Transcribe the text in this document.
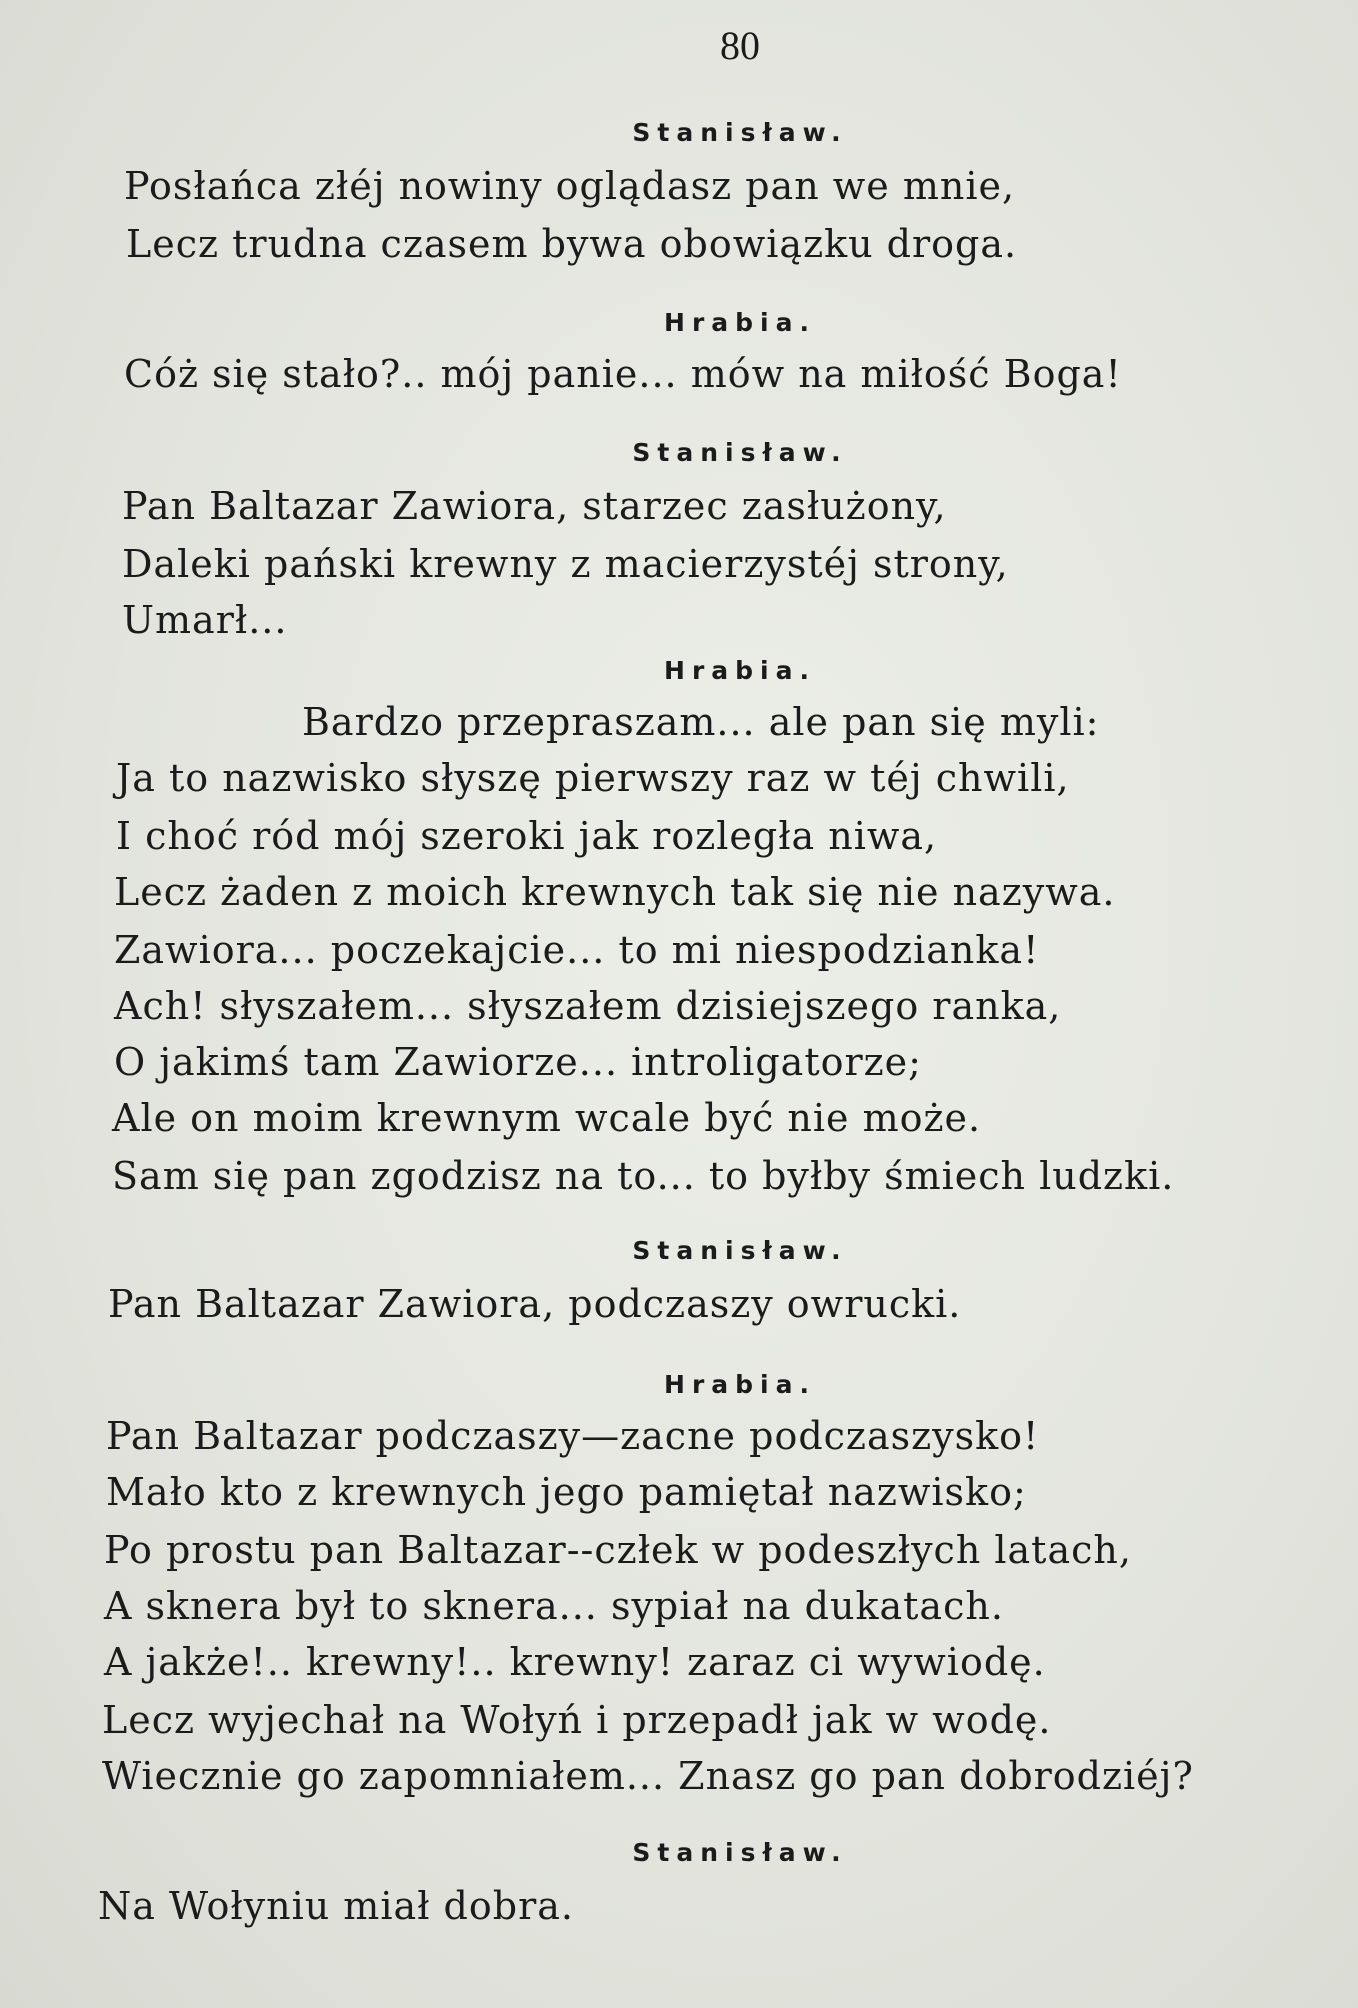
80
Stanisław.
Posłańca złéj nowiny oglądasz pan we mnie,
Lecz trudna czasem bywa obowiązku droga.
Hrabia.
Cóż się stało?.. mój panie... mów na miłość Boga!
Stanisław.
Pan Baltazar Zawiora, starzec zasłużony,
Daleki pański krewny z macierzystéj strony,
Umarł...
Hrabia.
Bardzo przepraszam... ale pan się myli:
Ja to nazwisko słyszę pierwszy raz w téj chwili,
I choć ród mój szeroki jak rozległa niwa,
Lecz żaden z moich krewnych tak się nie nazywa.
Zawiora... poczekajcie... to mi niespodzianka!
Ach! słyszałem... słyszałem dzisiejszego ranka,
O jakimś tam Zawiorze... introligatorze;
Ale on moim krewnym wcale być nie może.
Sam się pan zgodzisz na to... to byłby śmiech ludzki.
Stanisław.
Pan Baltazar Zawiora, podczaszy owrucki.
Hrabia.
Pan Baltazar podczaszy—zacne podczaszysko!
Mało kto z krewnych jego pamiętał nazwisko;
Po prostu pan Baltazar--człek w podeszłych latach,
A sknera był to sknera... sypiał na dukatach.
A jakże!.. krewny!.. krewny! zaraz ci wywiodę.
Lecz wyjechał na Wołyń i przepadł jak w wodę.
Wiecznie go zapomniałem... Znasz go pan dobrodziéj?
Stanisław.
Na Wołyniu miał dobra.
